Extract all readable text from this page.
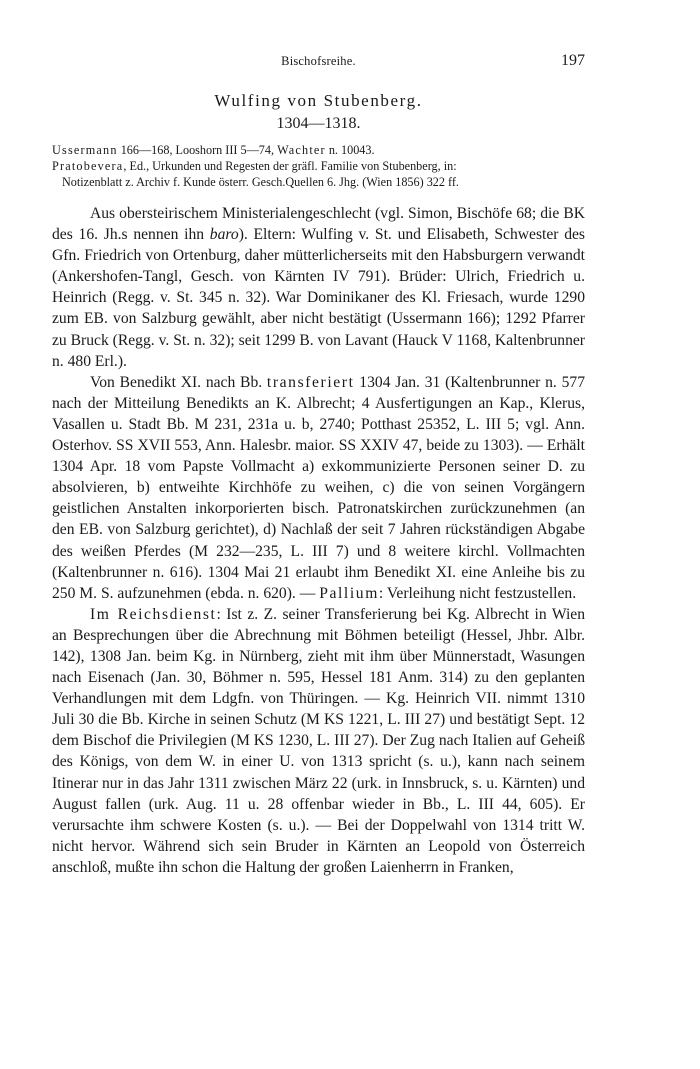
Bischofsreihe.	197
Wulfing von Stubenberg.
1304—1318.
Ussermann 166—168, Looshorn III 5—74, Wachter n. 10043.
Pratobevera, Ed., Urkunden und Regesten der gräfl. Familie von Stubenberg, in:
Notizenblatt z. Archiv f. Kunde österr. Gesch.Quellen 6. Jhg. (Wien 1856) 322 ff.

Aus obersteirischem Ministerialengeschlecht (vgl. Simon, Bischöfe 68; die BK des 16. Jh.s nennen ihn baro). Eltern: Wulfing v. St. und Elisabeth, Schwester des Gfn. Friedrich von Ortenburg, daher mütterlicherseits mit den Habsburgern verwandt (Ankershofen-Tangl, Gesch. von Kärnten IV 791). Brüder: Ulrich, Friedrich u. Heinrich (Regg. v. St. 345 n. 32). War Dominikaner des Kl. Friesach, wurde 1290 zum EB. von Salzburg gewählt, aber nicht bestätigt (Ussermann 166); 1292 Pfarrer zu Bruck (Regg. v. St. n. 32); seit 1299 B. von Lavant (Hauck V 1168, Kaltenbrunner n. 480 Erl.).

Von Benedikt XI. nach Bb. transferiert 1304 Jan. 31 (Kaltenbrunner n. 577 nach der Mitteilung Benedikts an K. Albrecht; 4 Ausfertigungen an Kap., Klerus, Vasallen u. Stadt Bb. M 231, 231a u. b, 2740; Potthast 25352, L. III 5; vgl. Ann. Osterhov. SS XVII 553, Ann. Halesbr. maior. SS XXIV 47, beide zu 1303). — Erhält 1304 Apr. 18 vom Papste Vollmacht a) exkommunizierte Personen seiner D. zu absolvieren, b) entweihte Kirchhöfe zu weihen, c) die von seinen Vorgängern geistlichen Anstalten inkorporierten bisch. Patronatskirchen zurückzunehmen (an den EB. von Salzburg gerichtet), d) Nachlaß der seit 7 Jahren rückständigen Abgabe des weißen Pferdes (M 232—235, L. III 7) und 8 weitere kirchl. Vollmachten (Kaltenbrunner n. 616). 1304 Mai 21 erlaubt ihm Benedikt XI. eine Anleihe bis zu 250 M. S. aufzunehmen (ebda. n. 620). — Pallium: Verleihung nicht festzustellen.

Im Reichsdienst: Ist z. Z. seiner Transferierung bei Kg. Albrecht in Wien an Besprechungen über die Abrechnung mit Böhmen beteiligt (Hessel, Jhbr. Albr. 142), 1308 Jan. beim Kg. in Nürnberg, zieht mit ihm über Münnerstadt, Wasungen nach Eisenach (Jan. 30, Böhmer n. 595, Hessel 181 Anm. 314) zu den geplanten Verhandlungen mit dem Ldgfn. von Thüringen. — Kg. Heinrich VII. nimmt 1310 Juli 30 die Bb. Kirche in seinen Schutz (M KS 1221, L. III 27) und bestätigt Sept. 12 dem Bischof die Privilegien (M KS 1230, L. III 27). Der Zug nach Italien auf Geheiß des Königs, von dem W. in einer U. von 1313 spricht (s. u.), kann nach seinem Itinerar nur in das Jahr 1311 zwischen März 22 (urk. in Innsbruck, s. u. Kärnten) und August fallen (urk. Aug. 11 u. 28 offenbar wieder in Bb., L. III 44, 605). Er verursachte ihm schwere Kosten (s. u.). — Bei der Doppelwahl von 1314 tritt W. nicht hervor. Während sich sein Bruder in Kärnten an Leopold von Österreich anschloß, mußte ihn schon die Haltung der großen Laienherrn in Franken,
